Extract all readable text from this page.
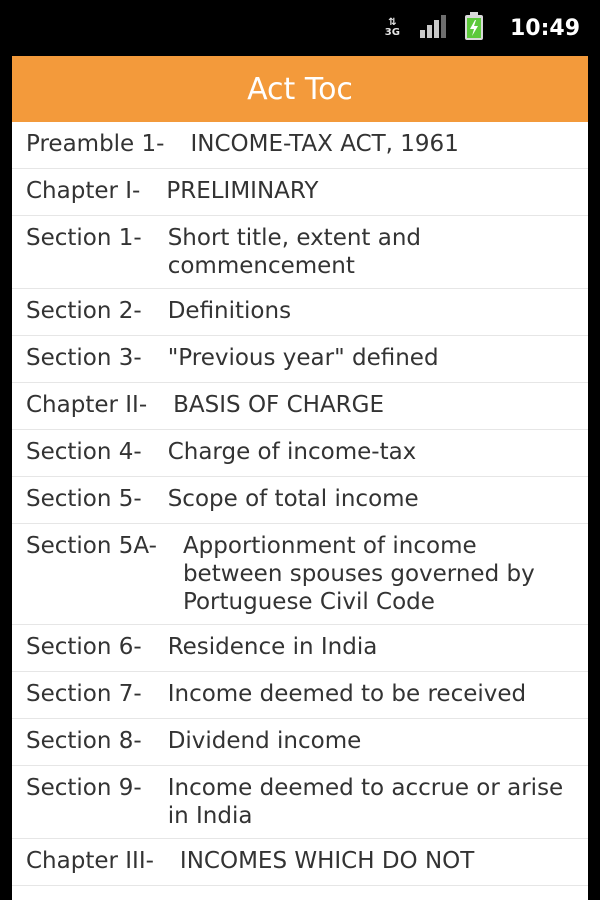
⇅
3G	10:49
Act Toc
Preamble 1-	INCOME-TAX ACT, 1961
Chapter I-	PRELIMINARY
Section 1-	Short title, extent and commencement
Section 2-	Definitions
Section 3-	"Previous year" defined
Chapter II-	BASIS OF CHARGE
Section 4-	Charge of income-tax
Section 5-	Scope of total income
Section 5A-	Apportionment of income between spouses governed by Portuguese Civil Code
Section 6-	Residence in India
Section 7-	Income deemed to be received
Section 8-	Dividend income
Section 9-	Income deemed to accrue or arise in India
Chapter III-	INCOMES WHICH DO NOT
